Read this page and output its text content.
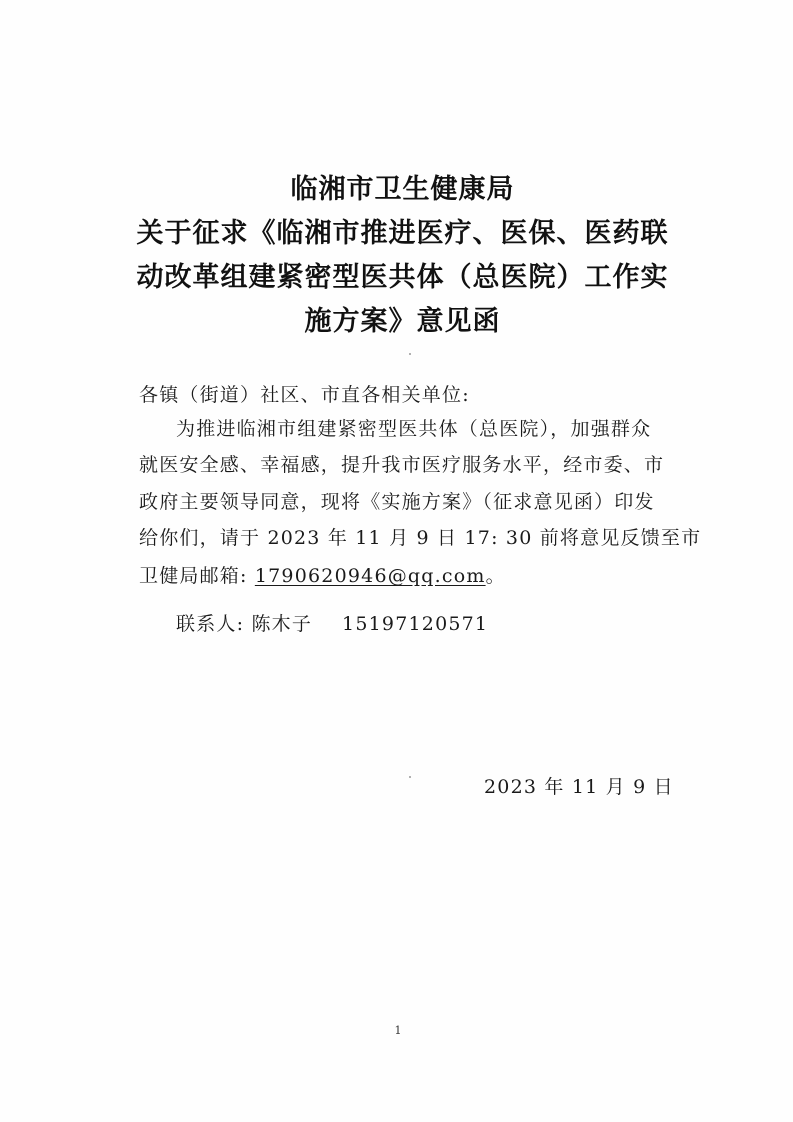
临湘市卫生健康局
关于征求《临湘市推进医疗、医保、医药联
动改革组建紧密型医共体（总医院）工作实
施方案》意见函
各镇（街道）社区、市直各相关单位:
为推进临湘市组建紧密型医共体（总医院），加强群众
就医安全感、幸福感，提升我市医疗服务水平，经市委、市
政府主要领导同意，现将《实施方案》（征求意见函）印发
给你们，请于 2023 年 11 月 9 日 17: 30 前将意见反馈至市
卫健局邮箱: 1790620946@qq.com。
联系人: 陈木子 15197120571
2023 年 11 月 9 日
1
